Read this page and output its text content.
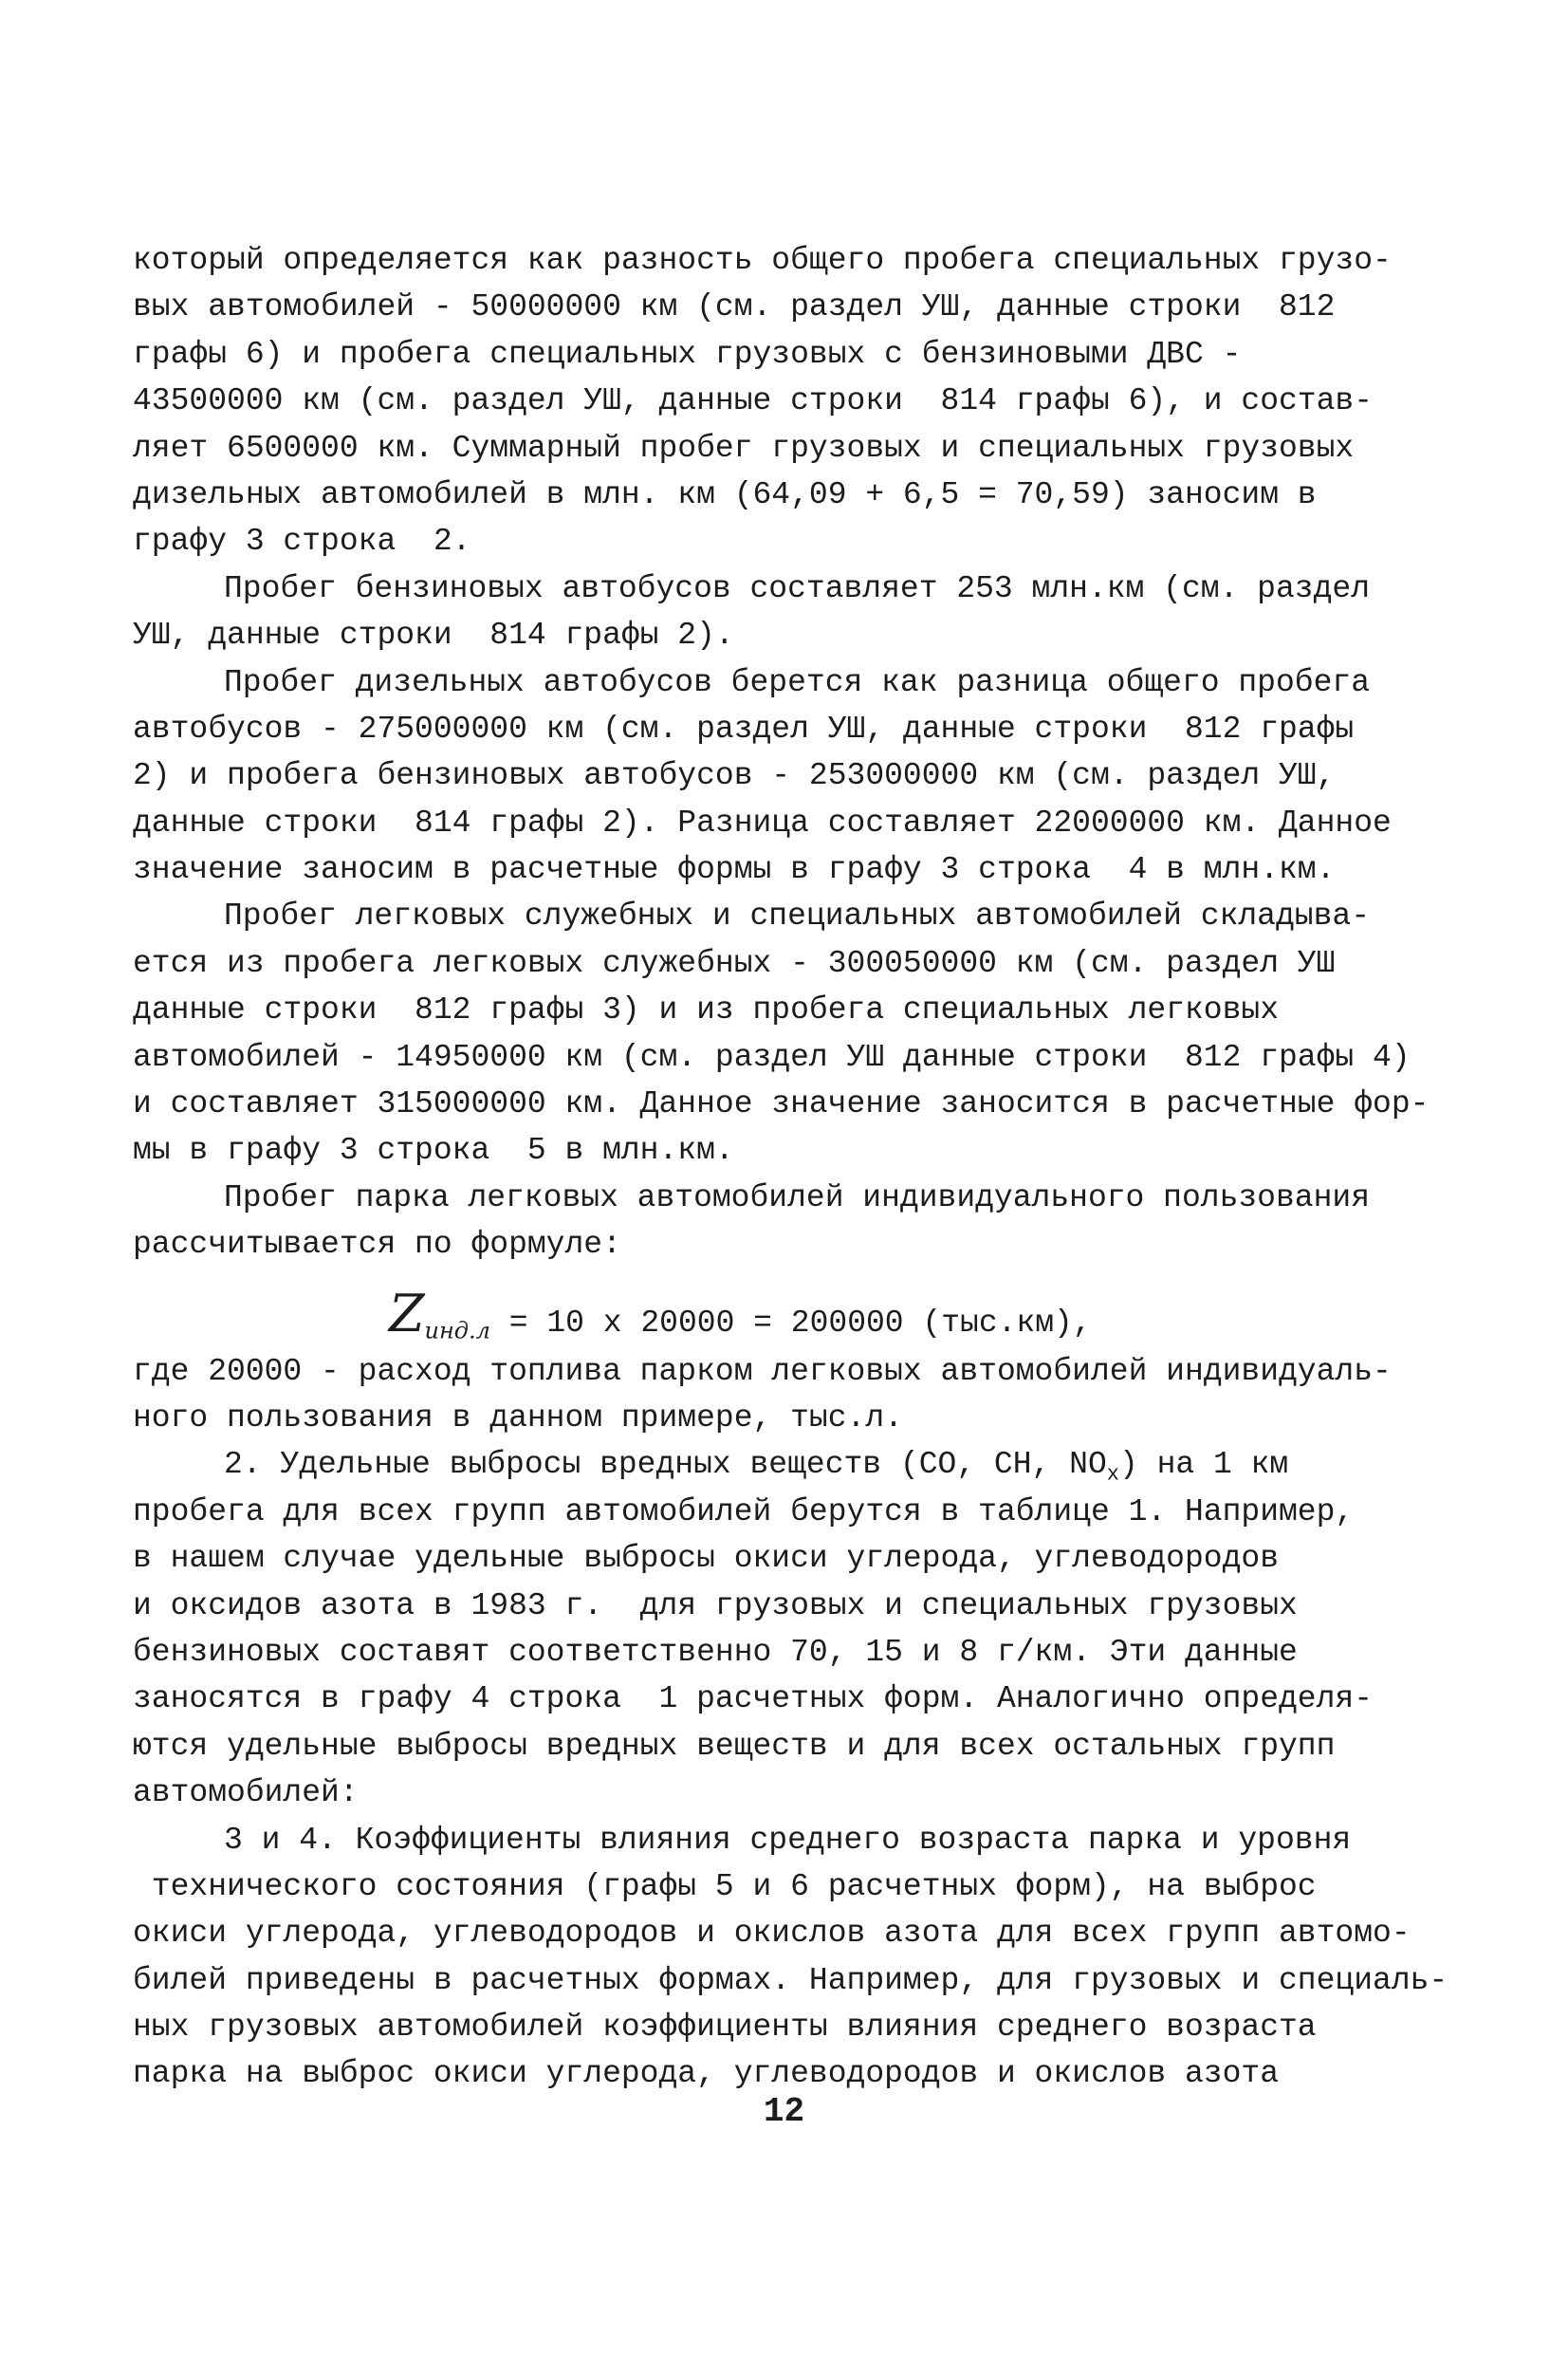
который определяется как разность общего пробега специальных грузо-
вых автомобилей - 50000000 км (см. раздел УШ, данные строки  812
графы 6) и пробега специальных грузовых с бензиновыми ДВС -
43500000 км (см. раздел УШ, данные строки  814 графы 6), и состав-
ляет 6500000 км. Суммарный пробег грузовых и специальных грузовых
дизельных автомобилей в млн. км (64,09 + 6,5 = 70,59) заносим в
графу 3 строка  2.
Пробег бензиновых автобусов составляет 253 млн.км (см. раздел
УШ, данные строки  814 графы 2).
Пробег дизельных автобусов берется как разница общего пробега
автобусов - 275000000 км (см. раздел УШ, данные строки  812 графы
2) и пробега бензиновых автобусов - 253000000 км (см. раздел УШ,
данные строки  814 графы 2). Разница составляет 22000000 км. Данное
значение заносим в расчетные формы в графу 3 строка  4 в млн.км.
Пробег легковых служебных и специальных автомобилей складыва-
ется из пробега легковых служебных - 300050000 км (см. раздел УШ
данные строки  812 графы 3) и из пробега специальных легковых
автомобилей - 14950000 км (см. раздел УШ данные строки  812 графы 4)
и составляет 315000000 км. Данное значение заносится в расчетные фор-
мы в графу 3 строка  5 в млн.км.
Пробег парка легковых автомобилей индивидуального пользования
рассчитывается по формуле:
$Z_{инд.л} = 10$ х 20000 = 200000 (тыс.км),
где 20000 - расход топлива парком легковых автомобилей индивидуаль-
ного пользования в данном примере, тыс.л.
2. Удельные выбросы вредных веществ (CO, CH, $NO_x$) на 1 км
пробега для всех групп автомобилей берутся в таблице 1. Например,
в нашем случае удельные выбросы окиси углерода, углеводородов
и оксидов азота в 1983 г.  для грузовых и специальных грузовых
бензиновых составят соответственно 70, 15 и 8 г/км. Эти данные
заносятся в графу 4 строка  1 расчетных форм. Аналогично определя-
ются удельные выбросы вредных веществ и для всех остальных групп
автомобилей:
3 и 4. Коэффициенты влияния среднего возраста парка и уровня
технического состояния (графы 5 и 6 расчетных форм), на выброс
окиси углерода, углеводородов и окислов азота для всех групп автомо-
билей приведены в расчетных формах. Например, для грузовых и специаль-
ных грузовых автомобилей коэффициенты влияния среднего возраста
парка на выброс окиси углерода, углеводородов и окислов азота
12
